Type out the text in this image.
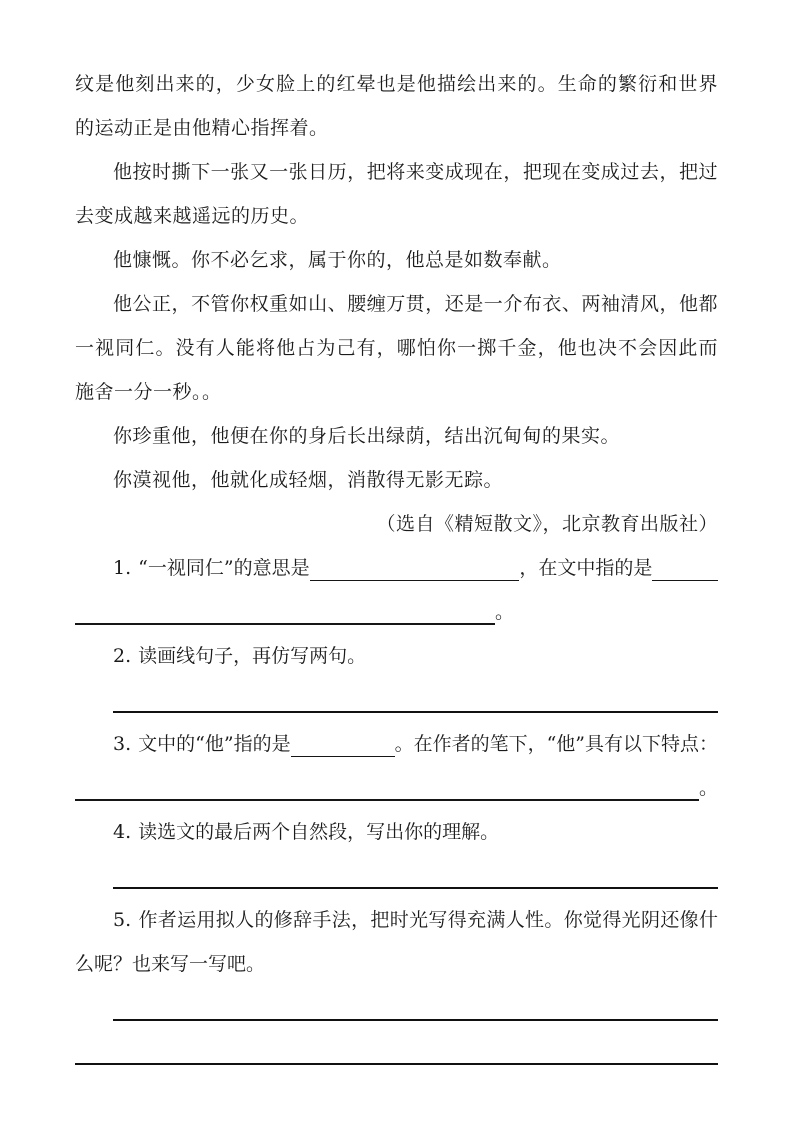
纹是他刻出来的，少女脸上的红晕也是他描绘出来的。生命的繁衍和世界的运动正是由他精心指挥着。

他按时撕下一张又一张日历，把将来变成现在，把现在变成过去，把过去变成越来越遥远的历史。

他慷慨。你不必乞求，属于你的，他总是如数奉献。

他公正，不管你权重如山、腰缠万贯，还是一介布衣、两袖清风，他都一视同仁。没有人能将他占为己有，哪怕你一掷千金，他也决不会因此而施舍一分一秒。。

你珍重他，他便在你的身后长出绿荫，结出沉甸甸的果实。

你漠视他，他就化成轻烟，消散得无影无踪。

（选自《精短散文》，北京教育出版社）

1. “一视同仁”的意思是	，在文中指的是
。

2. 读画线句子，再仿写两句。

3. 文中的“他”指的是	。在作者的笔下，“他”具有以下特点：
。

4. 读选文的最后两个自然段，写出你的理解。

5. 作者运用拟人的修辞手法，把时光写得充满人性。你觉得光阴还像什么呢？也来写一写吧。
